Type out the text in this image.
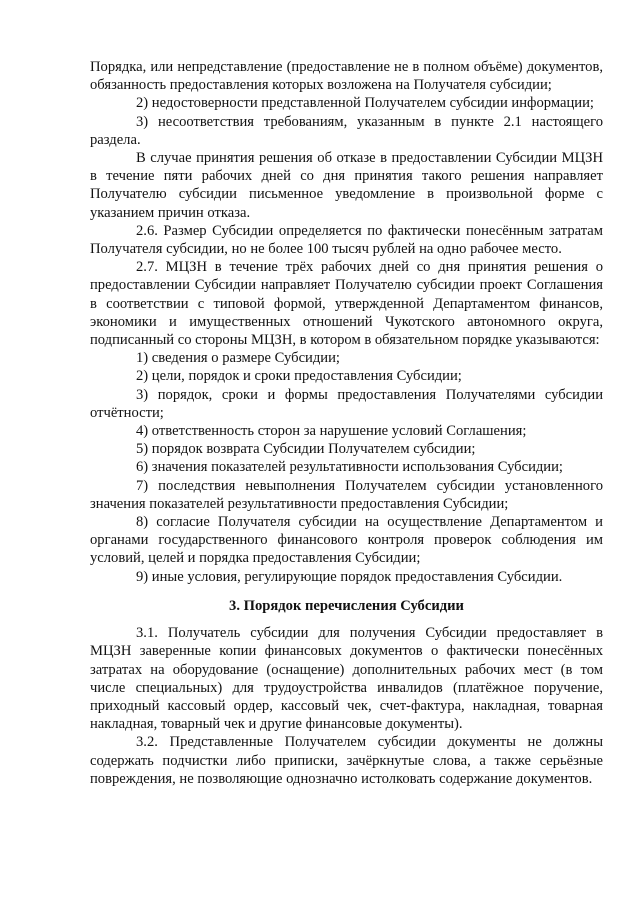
Порядка, или непредставление (предоставление не в полном объёме) документов, обязанность предоставления которых возложена на Получателя субсидии;

2) недостоверности представленной Получателем субсидии информации;

3) несоответствия требованиям, указанным в пункте 2.1 настоящего раздела.

В случае принятия решения об отказе в предоставлении Субсидии МЦЗН в течение пяти рабочих дней со дня принятия такого решения направляет Получателю субсидии письменное уведомление в произвольной форме с указанием причин отказа.

2.6. Размер Субсидии определяется по фактически понесённым затратам Получателя субсидии, но не более 100 тысяч рублей на одно рабочее место.

2.7. МЦЗН в течение трёх рабочих дней со дня принятия решения о предоставлении Субсидии направляет Получателю субсидии проект Соглашения в соответствии с типовой формой, утвержденной Департаментом финансов, экономики и имущественных отношений Чукотского автономного округа, подписанный со стороны МЦЗН, в котором в обязательном порядке указываются:

1) сведения о размере Субсидии;

2) цели, порядок и сроки предоставления Субсидии;

3) порядок, сроки и формы предоставления Получателями субсидии отчётности;

4) ответственность сторон за нарушение условий Соглашения;

5) порядок возврата Субсидии Получателем субсидии;

6) значения показателей результативности использования Субсидии;

7) последствия невыполнения Получателем субсидии установленного значения показателей результативности предоставления Субсидии;

8) согласие Получателя субсидии на осуществление Департаментом и органами государственного финансового контроля проверок соблюдения им условий, целей и порядка предоставления Субсидии;

9) иные условия, регулирующие порядок предоставления Субсидии.

3. Порядок перечисления Субсидии

3.1. Получатель субсидии для получения Субсидии предоставляет в МЦЗН заверенные копии финансовых документов о фактически понесённых затратах на оборудование (оснащение) дополнительных рабочих мест (в том числе специальных) для трудоустройства инвалидов (платёжное поручение, приходный кассовый ордер, кассовый чек, счет-фактура, накладная, товарная накладная, товарный чек и другие финансовые документы).

3.2. Представленные Получателем субсидии документы не должны содержать подчистки либо приписки, зачёркнутые слова, а также серьёзные повреждения, не позволяющие однозначно истолковать содержание документов.
